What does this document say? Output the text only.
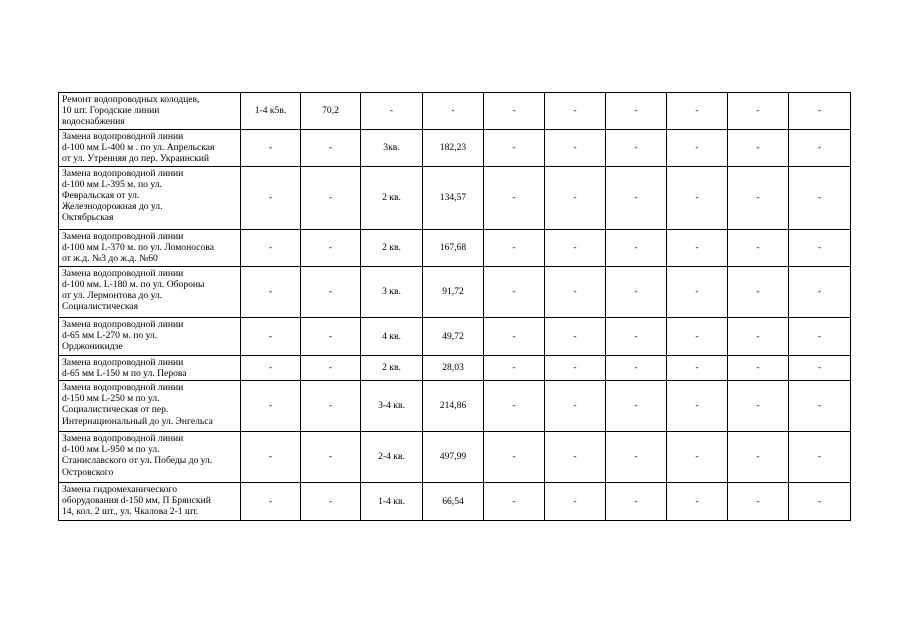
Ремонт водопроводных колодцев,
10 шт. Городские линии
водоснабжения	1-4 к5в.	70,2	-	-	-	-	-	-	-	-

Замена водопроводной линии
d-100 мм L-400 м . по ул. Апрельская
от ул. Утренняя до пер. Украинский	-	-	3кв.	182,23	-	-	-	-	-	-

Замена водопроводной линии
d-100 мм L-395 м. по ул.
Февральская от ул.
Железнодорожная до ул.
Октябрьская	-	-	2 кв.	134,57	-	-	-	-	-	-

Замена водопроводной линии
d-100 мм L-370 м. по ул. Ломоносова
от ж.д. №3 до ж.д. №60	-	-	2 кв.	167,68	-	-	-	-	-	-

Замена водопроводной линии
d-100 мм. L-180 м. по ул. Обороны
от ул. Лермонтова до ул.
Социалистическая	-	-	3 кв.	91,72	-	-	-	-	-	-

Замена водопроводной линии
d-65 мм L-270 м. по ул.
Орджоникидзе	-	-	4 кв.	49,72	-	-	-	-	-	-

Замена водопроводной линии
d-65 мм L-150 м по ул. Перова	-	-	2 кв.	28,03	-	-	-	-	-	-

Замена водопроводной линии
d-150 мм L-250 м по ул.
Социалистическая от пер.
Интернациональный до ул. Энгельса	-	-	3-4 кв.	214,86	-	-	-	-	-	-

Замена водопроводной линии
d-100 мм L-950 м по ул.
Станиславского от ул. Победы до ул.
Островского	-	-	2-4 кв.	497,99	-	-	-	-	-	-

Замена гидромеханического
оборудования d-150 мм, П Брянский
14, кол. 2 шт., ул. Чкалова 2-1 шт.	-	-	1-4 кв.	66,54	-	-	-	-	-	-
